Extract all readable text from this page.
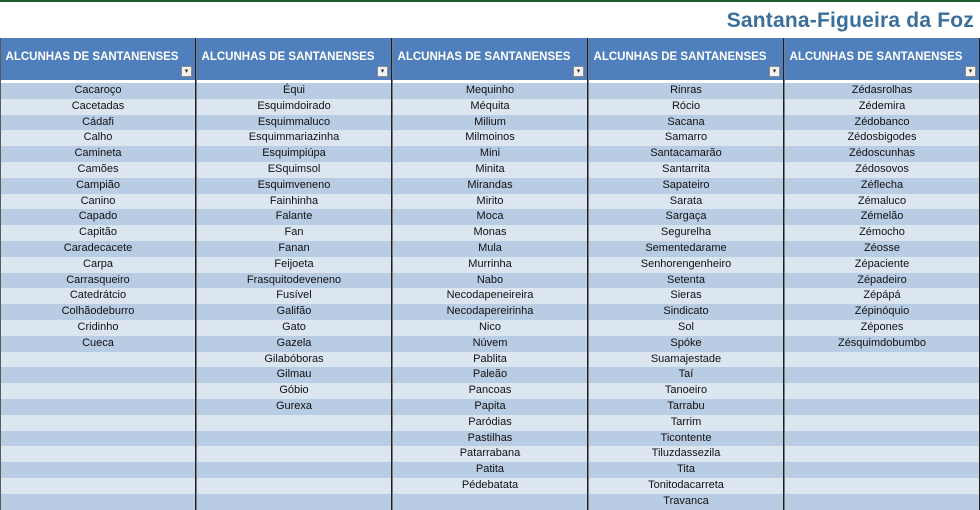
Santana-Figueira da Foz
ALCUNHAS DE SANTANENSES
▾
Cacaroço
Cacetadas
Cádafi
Calho
Camineta
Camões
Campião
Canino
Capado
Capitão
Caradecacete
Carpa
Carrasqueiro
Catedrátcio
Colhãodeburro
Cridinho
Cueca
ALCUNHAS DE SANTANENSES
▾
Équi
Esquimdoirado
Esquimmaluco
Esquimmariazinha
Esquimpiúpa
ESquimsol
Esquimveneno
Fainhinha
Falante
Fan
Fanan
Feijoeta
Frasquitodeveneno
Fusível
Galifão
Gato
Gazela
Gilabóboras
Gilmau
Góbio
Gurexa
ALCUNHAS DE SANTANENSES
▾
Mequinho
Méquita
Milium
Milmoinos
Mini
Minita
Mirandas
Mirito
Moca
Monas
Mula
Murrinha
Nabo
Necodapeneireira
Necodapereirinha
Nico
Núvem
Pablita
Paleão
Pancoas
Papita
Paródias
Pastilhas
Patarrabana
Patita
Pédebatata
ALCUNHAS DE SANTANENSES
▾
Rinras
Rócio
Sacana
Samarro
Santacamarão
Santarrita
Sapateiro
Sarata
Sargaça
Segurelha
Sementedarame
Senhorengenheiro
Setenta
Sieras
Sindicato
Sol
Spóke
Suamajestade
Taí
Tanoeiro
Tarrabu
Tarrim
Ticontente
Tiluzdassezila
Tita
Tonitodacarreta
Travanca
ALCUNHAS DE SANTANENSES
▾
Zédasrolhas
Zédemira
Zédobanco
Zédosbigodes
Zédoscunhas
Zédosovos
Zéflecha
Zémaluco
Zémelão
Zémocho
Zéosse
Zépaciente
Zépadeiro
Zépápá
Zépinóquio
Zépones
Zésquimdobumbo
